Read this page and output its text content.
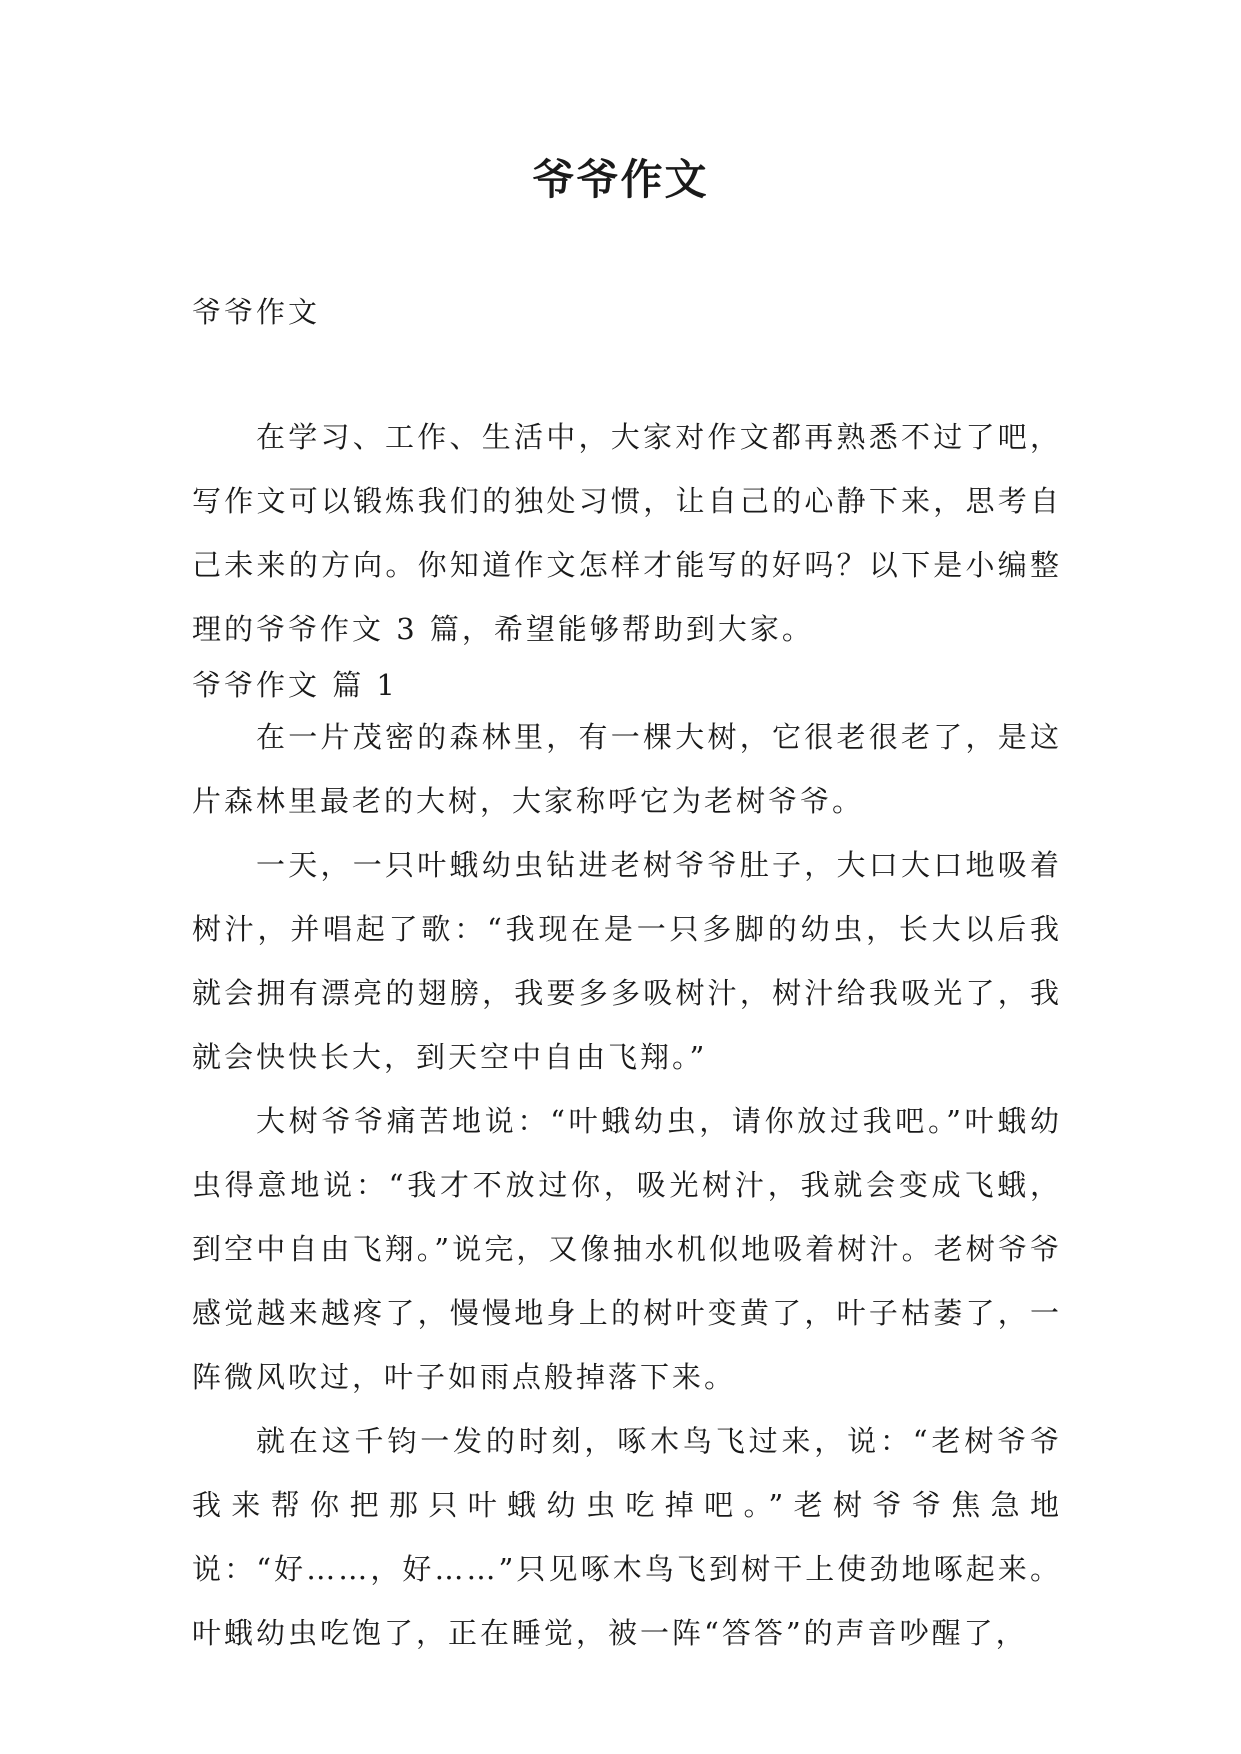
爷爷作文
爷爷作文

在学习、工作、生活中，大家对作文都再熟悉不过了吧，写作文可以锻炼我们的独处习惯，让自己的心静下来，思考自己未来的方向。你知道作文怎样才能写的好吗？以下是小编整理的爷爷作文 3 篇，希望能够帮助到大家。

爷爷作文 篇 1

在一片茂密的森林里，有一棵大树，它很老很老了，是这片森林里最老的大树，大家称呼它为老树爷爷。

一天，一只叶蛾幼虫钻进老树爷爷肚子，大口大口地吸着树汁，并唱起了歌：“我现在是一只多脚的幼虫，长大以后我就会拥有漂亮的翅膀，我要多多吸树汁，树汁给我吸光了，我就会快快长大，到天空中自由飞翔。”

大树爷爷痛苦地说：“叶蛾幼虫，请你放过我吧。”叶蛾幼虫得意地说：“我才不放过你，吸光树汁，我就会变成飞蛾，到空中自由飞翔。”说完，又像抽水机似地吸着树汁。老树爷爷感觉越来越疼了，慢慢地身上的树叶变黄了，叶子枯萎了，一阵微风吹过，叶子如雨点般掉落下来。

就在这千钧一发的时刻，啄木鸟飞过来，说：“老树爷爷我来帮你把那只叶蛾幼虫吃掉吧。”老树爷爷焦急地说：“好……，好……”只见啄木鸟飞到树干上使劲地啄起来。叶蛾幼虫吃饱了，正在睡觉，被一阵“答答”的声音吵醒了，
